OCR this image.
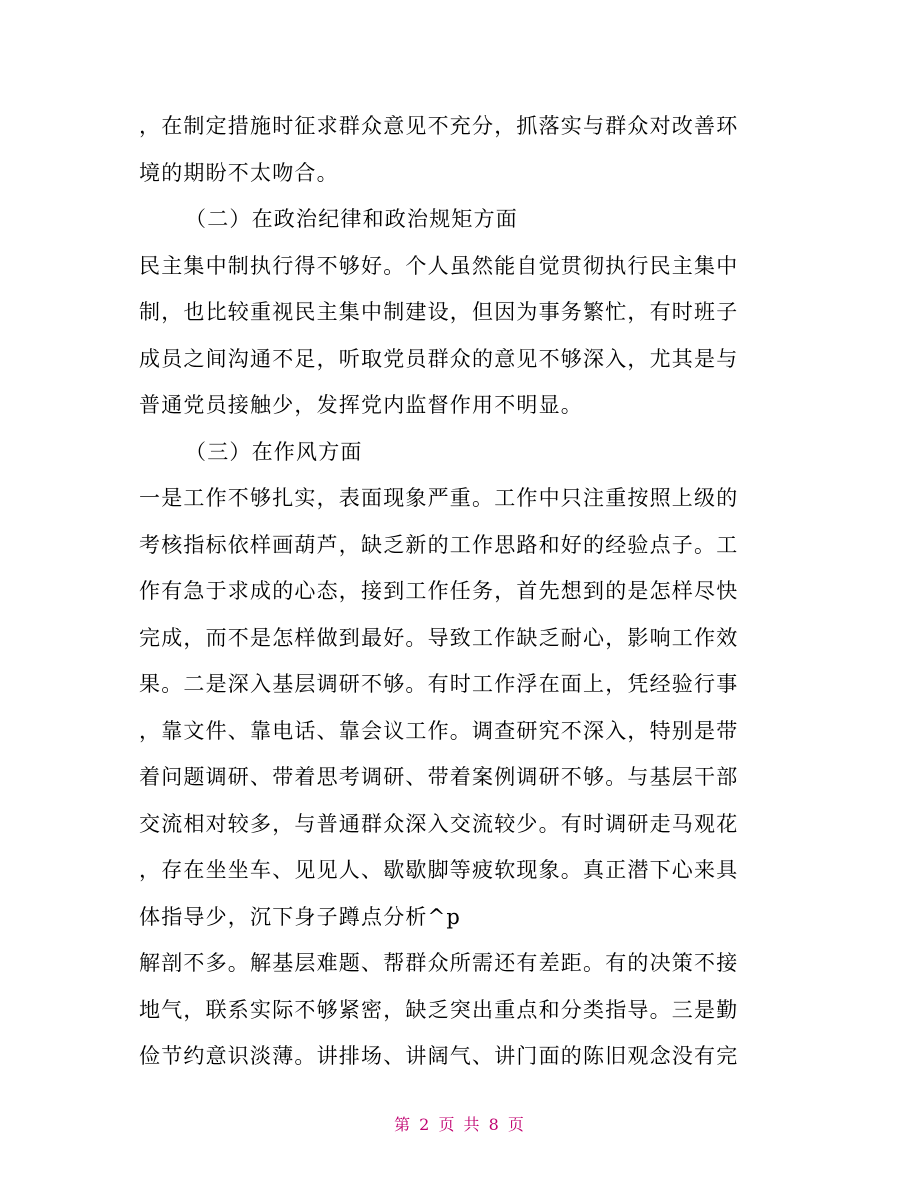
，在制定措施时征求群众意见不充分，抓落实与群众对改善环
境的期盼不太吻合。
（二）在政治纪律和政治规矩方面
民主集中制执行得不够好。个人虽然能自觉贯彻执行民主集中
制，也比较重视民主集中制建设，但因为事务繁忙，有时班子
成员之间沟通不足，听取党员群众的意见不够深入，尤其是与
普通党员接触少，发挥党内监督作用不明显。
（三）在作风方面
一是工作不够扎实，表面现象严重。工作中只注重按照上级的
考核指标依样画葫芦，缺乏新的工作思路和好的经验点子。工
作有急于求成的心态，接到工作任务，首先想到的是怎样尽快
完成，而不是怎样做到最好。导致工作缺乏耐心，影响工作效
果。二是深入基层调研不够。有时工作浮在面上，凭经验行事
，靠文件、靠电话、靠会议工作。调查研究不深入，特别是带
着问题调研、带着思考调研、带着案例调研不够。与基层干部
交流相对较多，与普通群众深入交流较少。有时调研走马观花
，存在坐坐车、见见人、歇歇脚等疲软现象。真正潜下心来具
体指导少，沉下身子蹲点分析^p
解剖不多。解基层难题、帮群众所需还有差距。有的决策不接
地气，联系实际不够紧密，缺乏突出重点和分类指导。三是勤
俭节约意识淡薄。讲排场、讲阔气、讲门面的陈旧观念没有完
第 2 页 共 8 页
